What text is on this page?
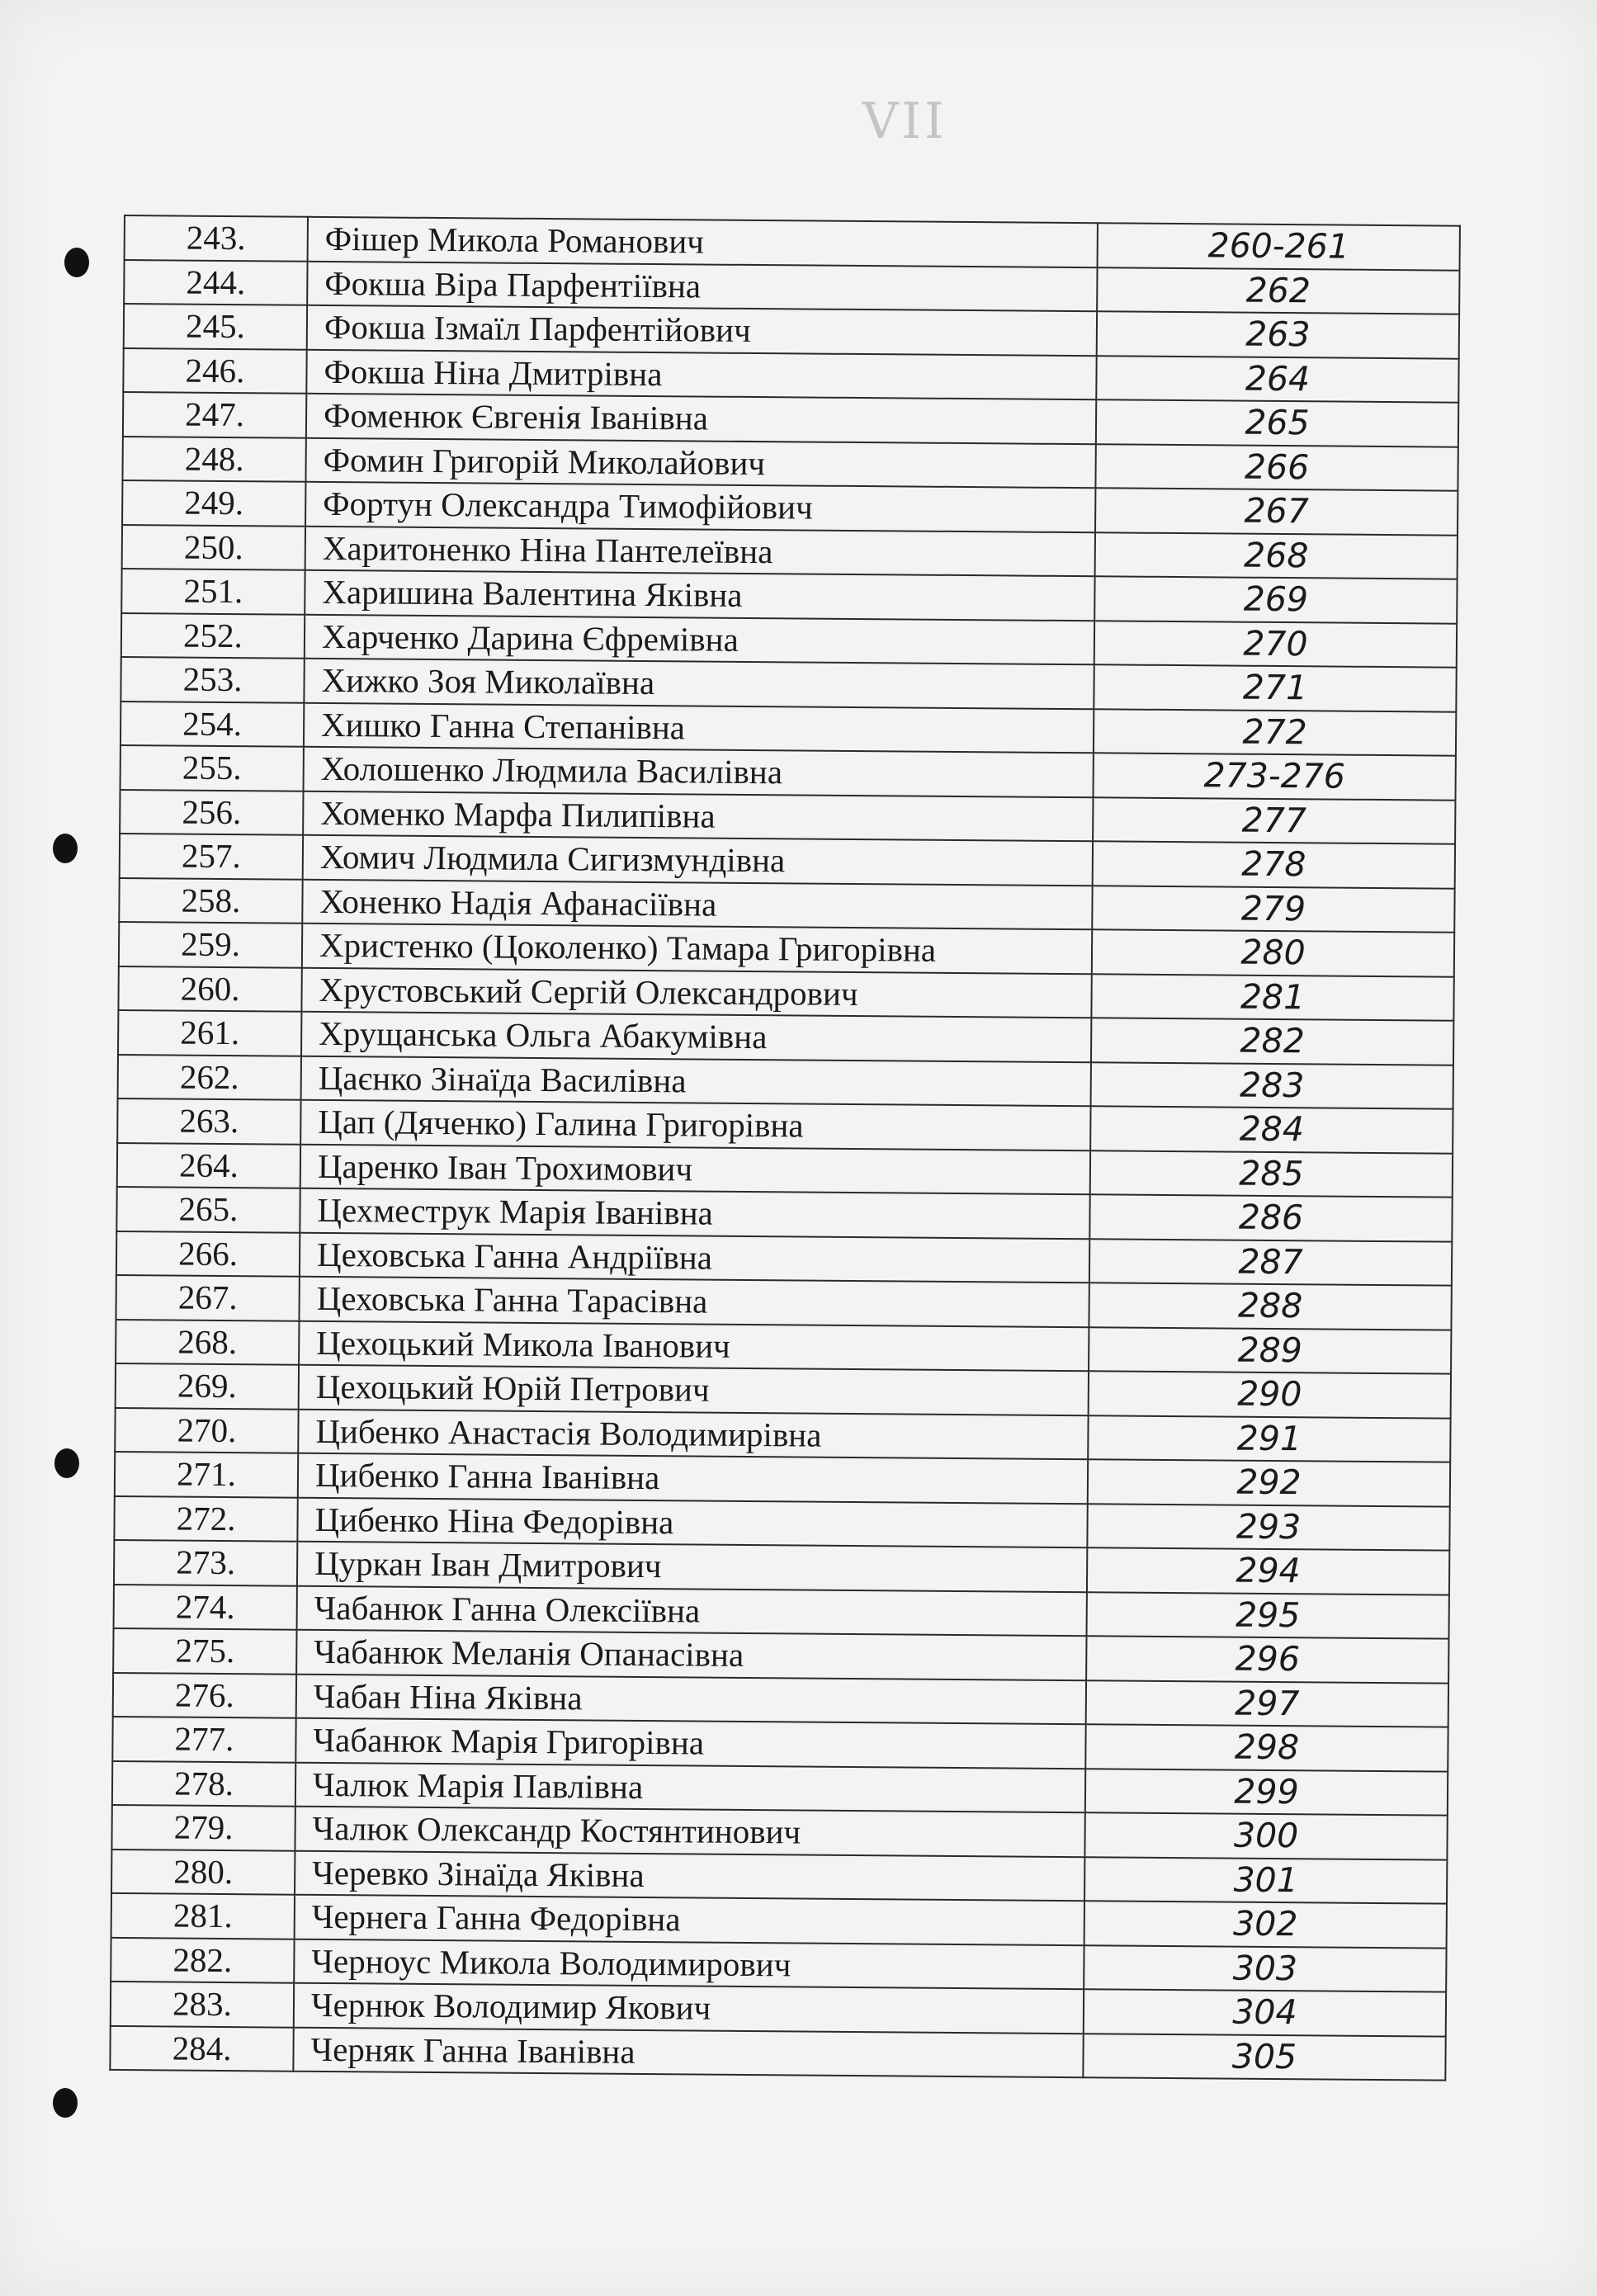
VII
243.	Фішер Микола Романович	260-261
244.	Фокша Віра Парфентіївна	262
245.	Фокша Ізмаїл Парфентійович	263
246.	Фокша Ніна Дмитрівна	264
247.	Фоменюк Євгенія Іванівна	265
248.	Фомин Григорій Миколайович	266
249.	Фортун Олександра Тимофійович	267
250.	Харитоненко Ніна Пантелеївна	268
251.	Харишина Валентина Яківна	269
252.	Харченко Дарина Єфремівна	270
253.	Хижко Зоя Миколаївна	271
254.	Хишко Ганна Степанівна	272
255.	Холошенко Людмила Василівна	273-276
256.	Хоменко Марфа Пилипівна	277
257.	Хомич Людмила Сигизмундівна	278
258.	Хоненко Надія Афанасіївна	279
259.	Христенко (Цоколенко) Тамара Григорівна	280
260.	Хрустовський Сергій Олександрович	281
261.	Хрущанська Ольга Абакумівна	282
262.	Цаєнко Зінаїда Василівна	283
263.	Цап (Дяченко) Галина Григорівна	284
264.	Царенко Іван Трохимович	285
265.	Цехместрук Марія Іванівна	286
266.	Цеховська Ганна Андріївна	287
267.	Цеховська Ганна Тарасівна	288
268.	Цехоцький Микола Іванович	289
269.	Цехоцький Юрій Петрович	290
270.	Цибенко Анастасія Володимирівна	291
271.	Цибенко Ганна Іванівна	292
272.	Цибенко Ніна Федорівна	293
273.	Цуркан Іван Дмитрович	294
274.	Чабанюк Ганна Олексіївна	295
275.	Чабанюк Меланія Опанасівна	296
276.	Чабан Ніна Яківна	297
277.	Чабанюк Марія Григорівна	298
278.	Чалюк Марія Павлівна	299
279.	Чалюк Олександр Костянтинович	300
280.	Черевко Зінаїда Яківна	301
281.	Чернега Ганна Федорівна	302
282.	Черноус Микола Володимирович	303
283.	Чернюк Володимир Якович	304
284.	Черняк Ганна Іванівна	305
